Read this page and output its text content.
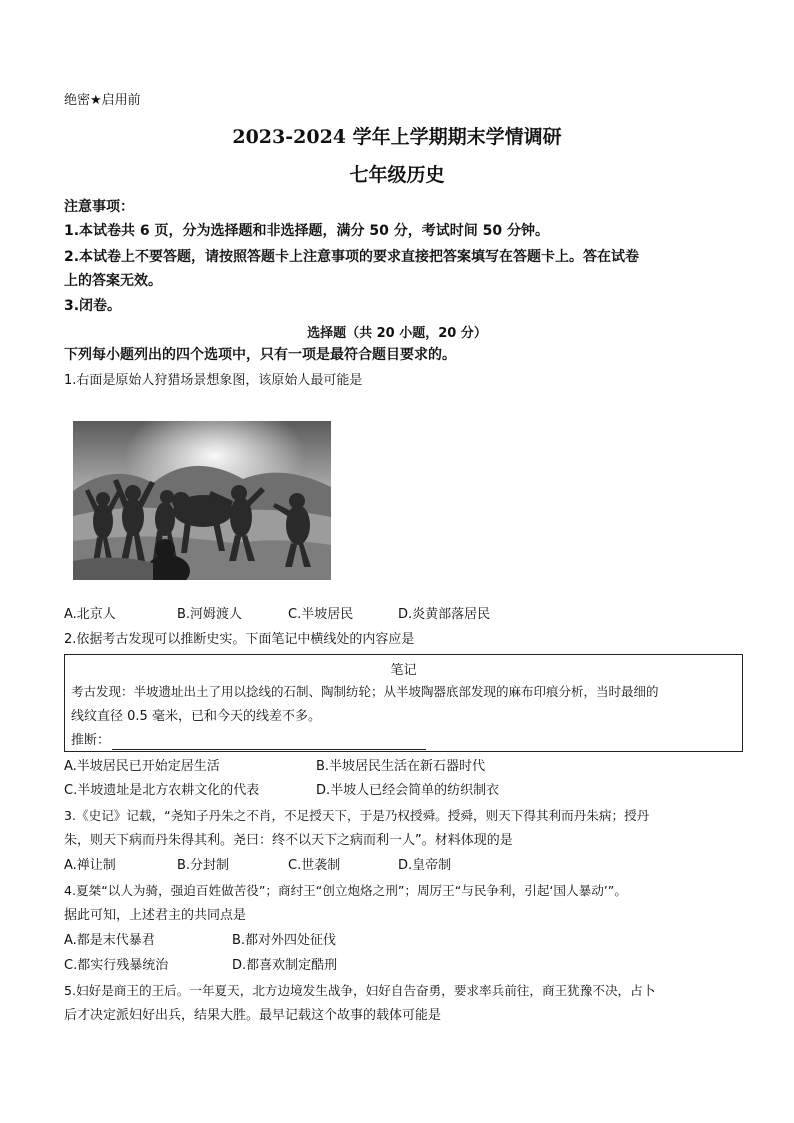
绝密★启用前
2023-2024 学年上学期期末学情调研
七年级历史
注意事项：
1.本试卷共 6 页，分为选择题和非选择题，满分 50 分，考试时间 50 分钟。
2.本试卷上不要答题，请按照答题卡上注意事项的要求直接把答案填写在答题卡上。答在试卷
上的答案无效。
3.闭卷。
选择题（共 20 小题，20 分）
下列每小题列出的四个选项中，只有一项是最符合题目要求的。
1.右面是原始人狩猎场景想象图，该原始人最可能是
A.北京人	B.河姆渡人	C.半坡居民	D.炎黄部落居民
2.依据考古发现可以推断史实。下面笔记中横线处的内容应是
笔记
考古发现：半坡遗址出土了用以捻线的石制、陶制纺轮；从半坡陶器底部发现的麻布印痕分析，当时最细的
线纹直径 0.5 毫米，已和今天的线差不多。
推断：
A.半坡居民已开始定居生活	B.半坡居民生活在新石器时代
C.半坡遗址是北方农耕文化的代表	D.半坡人已经会简单的纺织制衣
3.《史记》记载，“尧知子丹朱之不肖，不足授天下，于是乃权授舜。授舜，则天下得其利而丹朱病；授丹
朱，则天下病而丹朱得其利。尧曰：终不以天下之病而利一人”。材料体现的是
A.禅让制	B.分封制	C.世袭制	D.皇帝制
4.夏桀“以人为骑，强迫百姓做苦役”；商纣王“创立炮烙之刑”；周厉王“与民争利，引起‘国人暴动’”。
据此可知，上述君主的共同点是
A.都是末代暴君	B.都对外四处征伐
C.都实行残暴统治	D.都喜欢制定酷刑
5.妇好是商王的王后。一年夏天，北方边境发生战争，妇好自告奋勇，要求率兵前往，商王犹豫不决，占卜
后才决定派妇好出兵，结果大胜。最早记载这个故事的载体可能是
